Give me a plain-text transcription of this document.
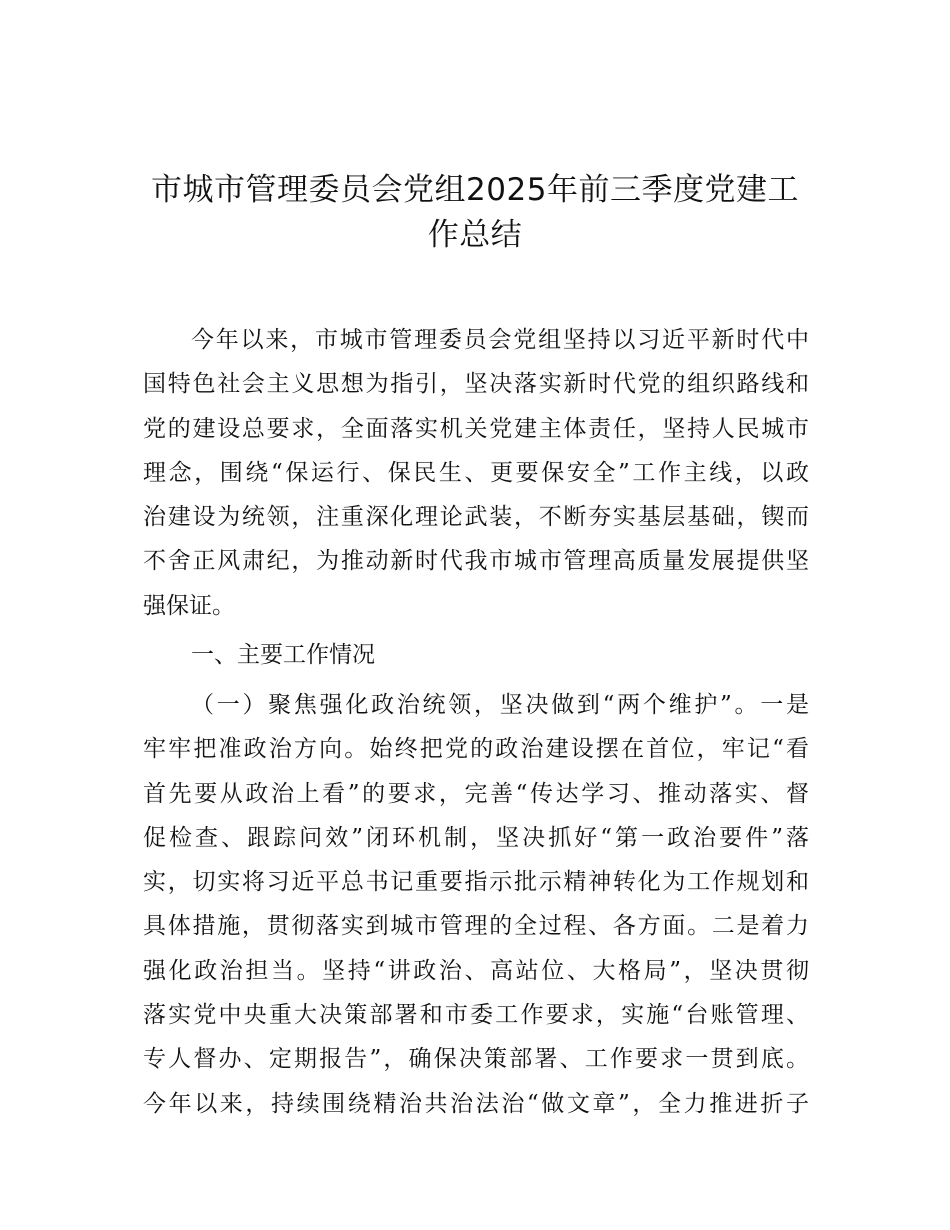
市城市管理委员会党组2025年前三季度党建工
作总结
今年以来，市城市管理委员会党组坚持以习近平新时代中
国特色社会主义思想为指引，坚决落实新时代党的组织路线和
党的建设总要求，全面落实机关党建主体责任，坚持人民城市
理念，围绕“保运行、保民生、更要保安全”工作主线，以政
治建设为统领，注重深化理论武装，不断夯实基层基础，锲而
不舍正风肃纪，为推动新时代我市城市管理高质量发展提供坚
强保证。
一、主要工作情况
（一）聚焦强化政治统领，坚决做到“两个维护”。一是
牢牢把准政治方向。始终把党的政治建设摆在首位，牢记“看
首先要从政治上看”的要求，完善“传达学习、推动落实、督
促检查、跟踪问效”闭环机制，坚决抓好“第一政治要件”落
实，切实将习近平总书记重要指示批示精神转化为工作规划和
具体措施，贯彻落实到城市管理的全过程、各方面。二是着力
强化政治担当。坚持“讲政治、高站位、大格局”，坚决贯彻
落实党中央重大决策部署和市委工作要求，实施“台账管理、
专人督办、定期报告”，确保决策部署、工作要求一贯到底。
今年以来，持续围绕精治共治法治“做文章”，全力推进折子
